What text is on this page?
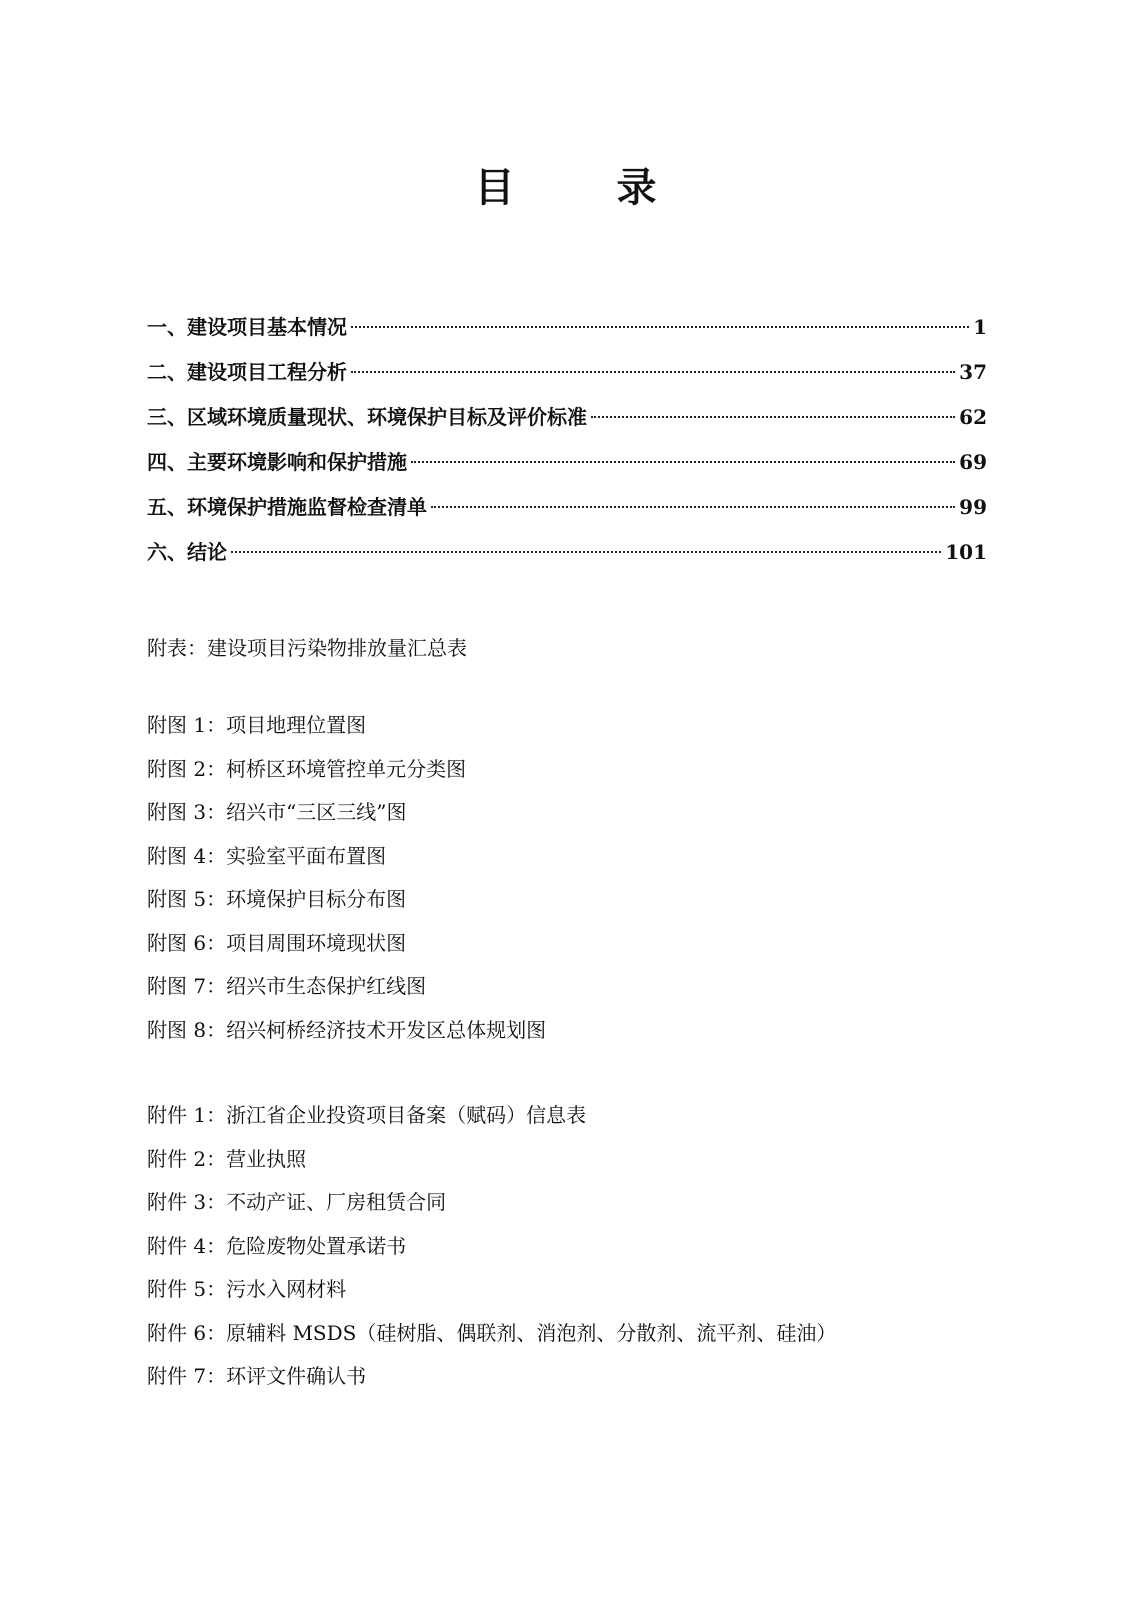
目 录
一、 建设项目基本情况	1
二、 建设项目工程分析	37
三、 区域环境质量现状、环境保护目标及评价标准	62
四、 主要环境影响和保护措施	69
五、 环境保护措施监督检查清单	99
六、 结论	101
附表：建设项目污染物排放量汇总表
附图 1：项目地理位置图
附图 2：柯桥区环境管控单元分类图
附图 3：绍兴市“三区三线”图
附图 4：实验室平面布置图
附图 5：环境保护目标分布图
附图 6：项目周围环境现状图
附图 7：绍兴市生态保护红线图
附图 8：绍兴柯桥经济技术开发区总体规划图
附件 1：浙江省企业投资项目备案（赋码）信息表
附件 2：营业执照
附件 3：不动产证、厂房租赁合同
附件 4：危险废物处置承诺书
附件 5：污水入网材料
附件 6：原辅料 MSDS（硅树脂、偶联剂、消泡剂、分散剂、流平剂、硅油）
附件 7：环评文件确认书
